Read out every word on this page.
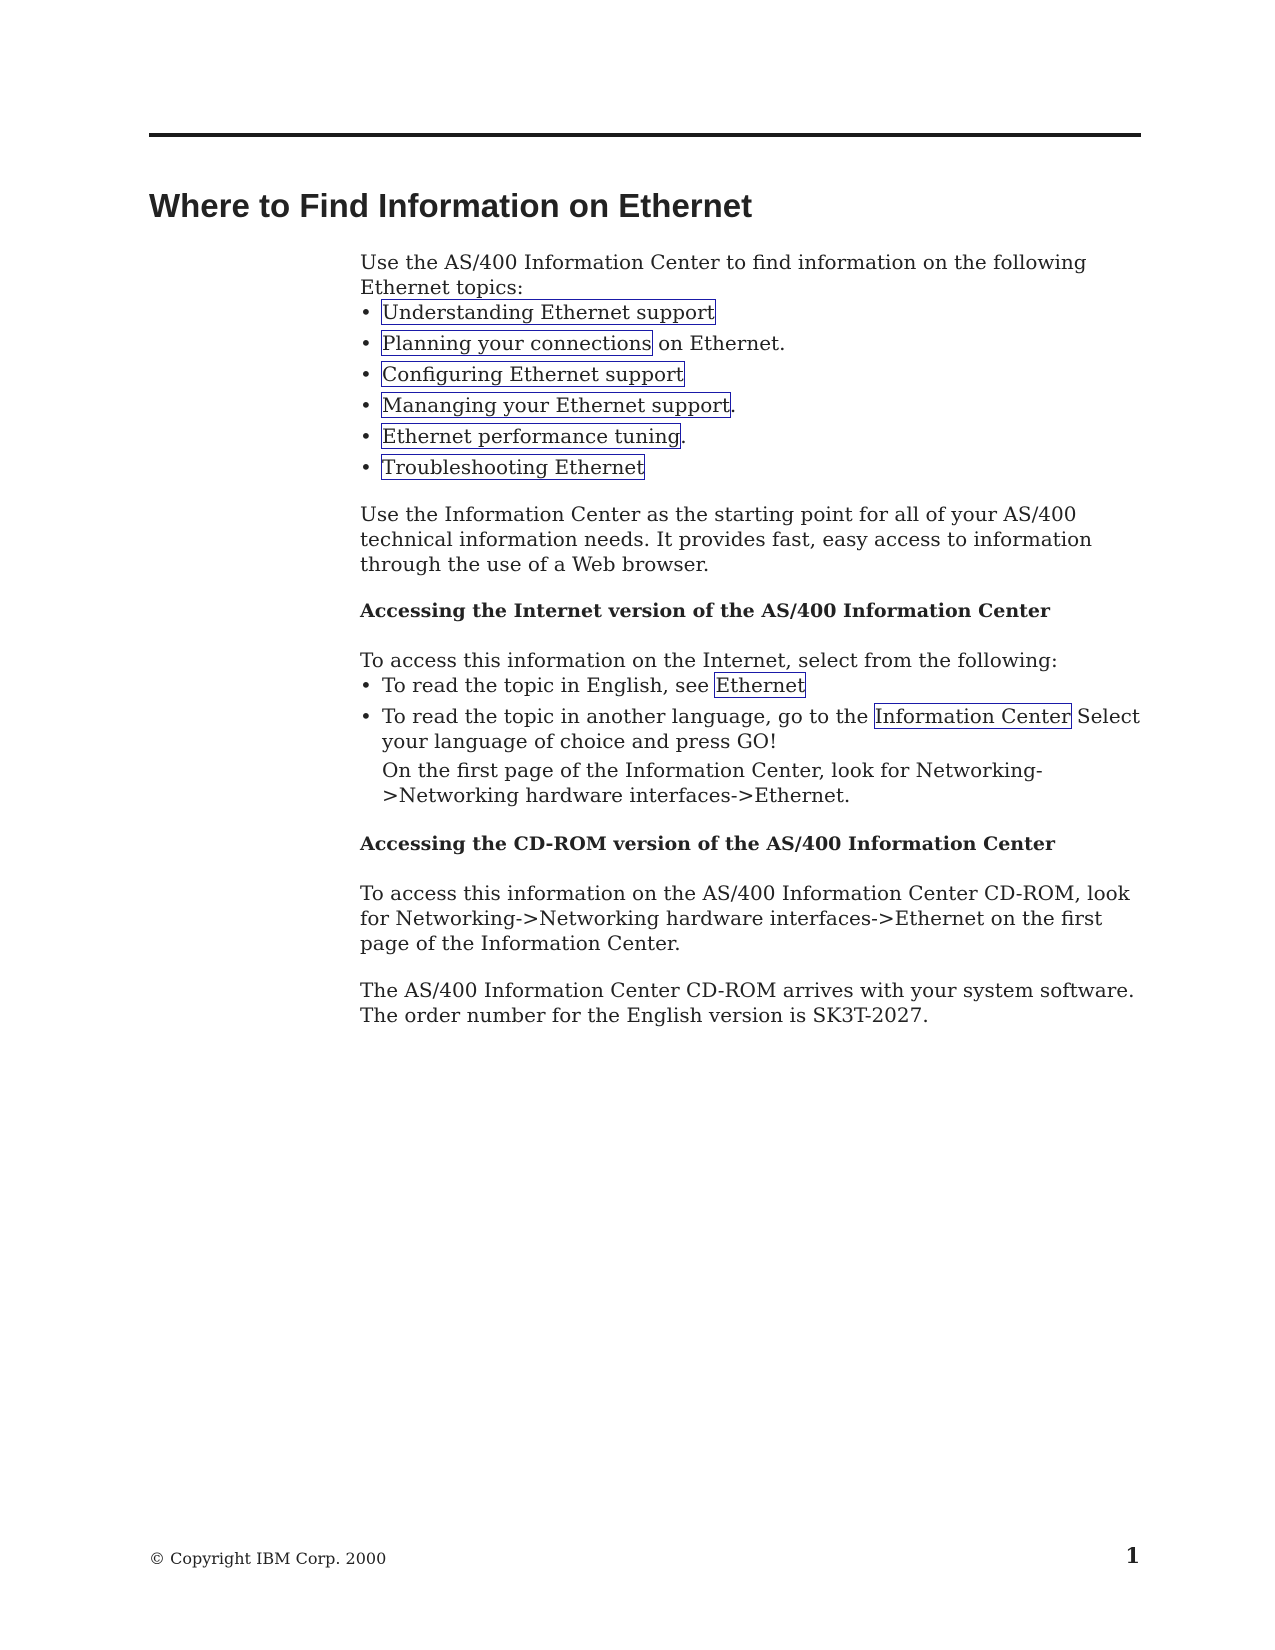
Where to Find Information on Ethernet

Use the AS/400 Information Center to find information on the following Ethernet topics:

• Understanding Ethernet support
• Planning your connections on Ethernet.
• Configuring Ethernet support
• Mananging your Ethernet support.
• Ethernet performance tuning.
• Troubleshooting Ethernet

Use the Information Center as the starting point for all of your AS/400 technical information needs. It provides fast, easy access to information through the use of a Web browser.

Accessing the Internet version of the AS/400 Information Center

To access this information on the Internet, select from the following:

• To read the topic in English, see Ethernet
• To read the topic in another language, go to the Information Center Select your language of choice and press GO!

On the first page of the Information Center, look for Networking->Networking hardware interfaces->Ethernet.

Accessing the CD-ROM version of the AS/400 Information Center

To access this information on the AS/400 Information Center CD-ROM, look for Networking->Networking hardware interfaces->Ethernet on the first page of the Information Center.

The AS/400 Information Center CD-ROM arrives with your system software. The order number for the English version is SK3T-2027.

© Copyright IBM Corp. 2000	1
